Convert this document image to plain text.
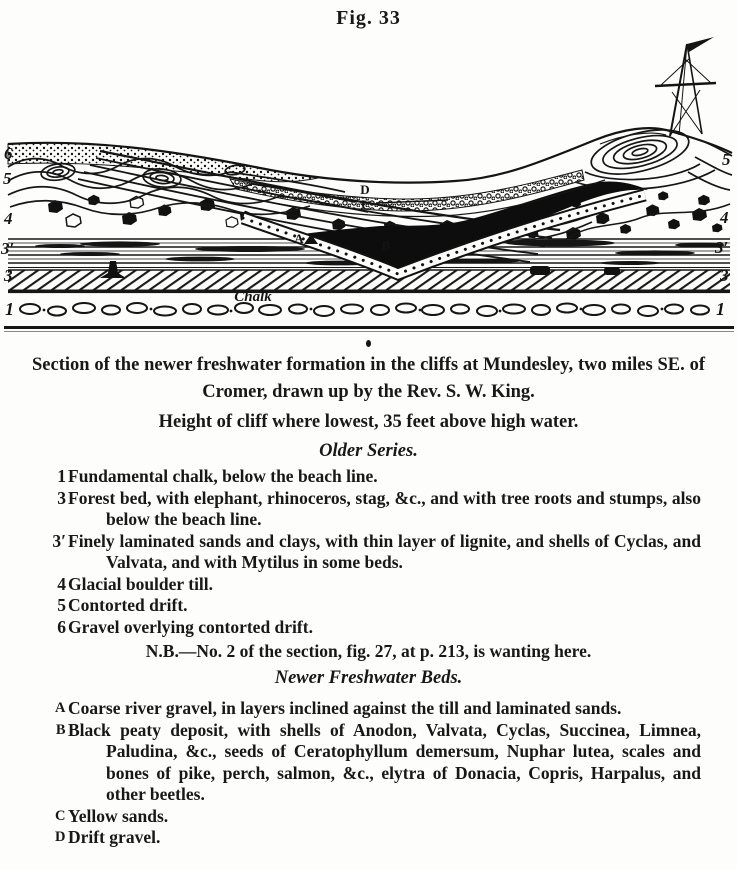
Fig. 33
D
C
B
A
Chalk
6
5
4
3′
3
1
5
4
3′
3
1

Section of the newer freshwater formation in the cliffs at Mundesley, two miles SE. of Cromer, drawn up by the Rev. S. W. King.

Height of cliff where lowest, 35 feet above high water.

Older Series.

Fundamental chalk, below the beach line.
1
Forest bed, with elephant, rhinoceros, stag, &c., and with tree roots and stumps, also below the beach line.
3
Finely laminated sands and clays, with thin layer of lignite, and shells of Cyclas, and Valvata, and with Mytilus in some beds.
3′
Glacial boulder till.
4
Contorted drift.
5
Gravel overlying contorted drift.
6

N.B.—No. 2 of the section, fig. 27, at p. 213, is wanting here.

Newer Freshwater Beds.

Coarse river gravel, in layers inclined against the till and laminated sands.
A
Black peaty deposit, with shells of Anodon, Valvata, Cyclas, Succinea, Limnea, Paludina, &c., seeds of Ceratophyllum demersum, Nuphar lutea, scales and bones of pike, perch, salmon, &c., elytra of Donacia, Copris, Harpalus, and other beetles.
B
Yellow sands.
C
Drift gravel.
D
